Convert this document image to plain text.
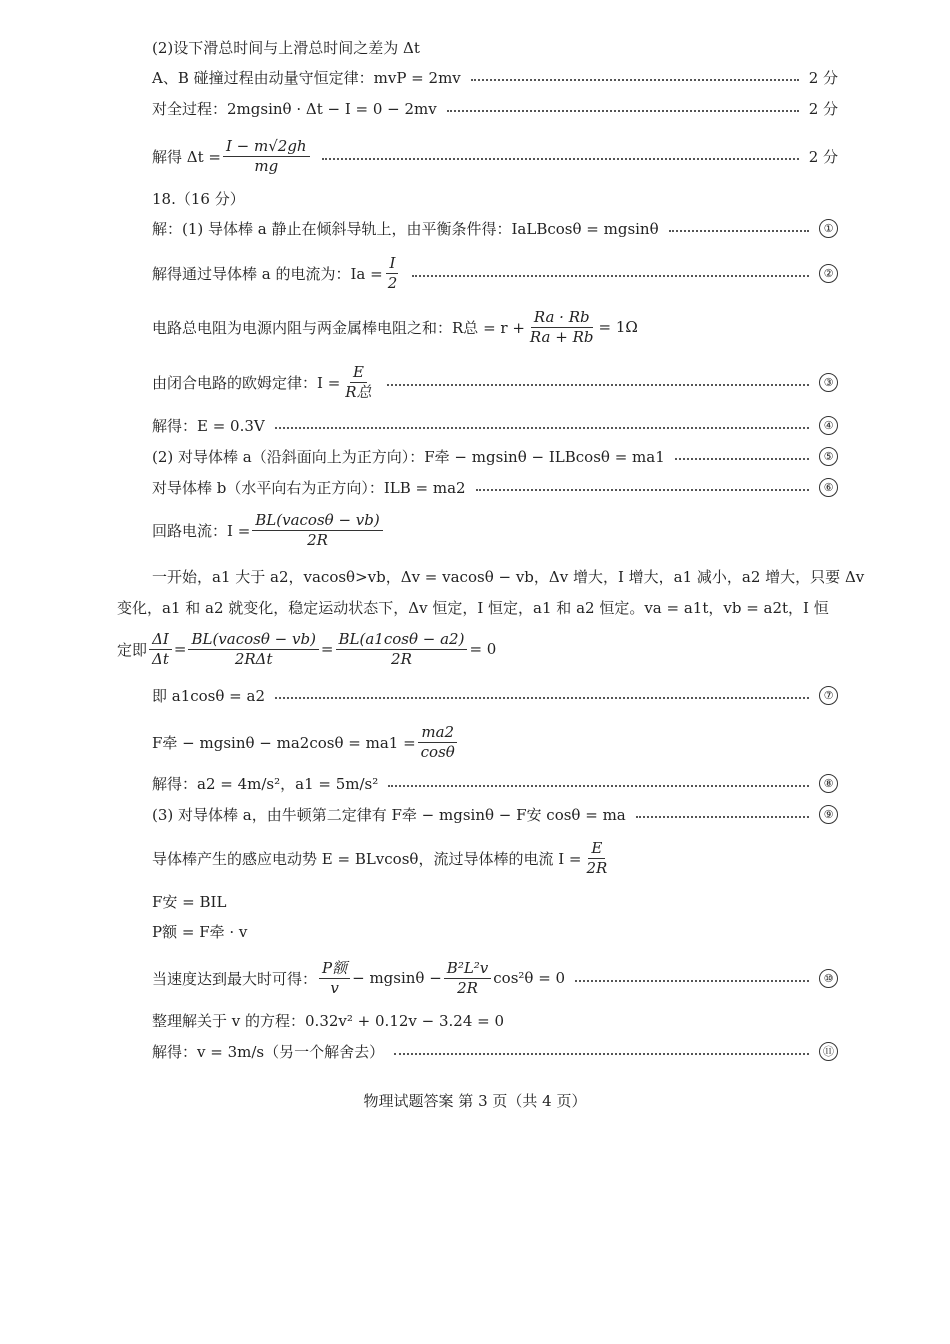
(2)设下滑总时间与上滑总时间之差为 Δt
A、B 碰撞过程由动量守恒定律：mvP = 2mv	2 分
对全过程：2mgsinθ · Δt − I = 0 − 2mv	2 分
解得 $\Delta t = \frac{I - m√2gh}{mg}$	2 分
18.（16 分）
解：(1) 导体棒 a 静止在倾斜导轨上，由平衡条件得：IaLBcosθ = mgsinθ	①
解得通过导体棒 a 的电流为：$Ia = \frac{I}{2}$	②
电路总电阻为电源内阻与两金属棒电阻之和：R总 = $r + \frac{Ra \cdot Rb}{Ra + Rb} = 1\Omega$
由闭合电路的欧姆定律：$I = \frac{E}{\text{R总}}$	③
解得：E = 0.3V	④
(2) 对导体棒 a（沿斜面向上为正方向）：F牵 − mgsinθ − ILBcosθ = ma1	⑤
对导体棒 b（水平向右为正方向）：ILB = ma2	⑥
回路电流：$I = \frac{BL(vacos\theta - vb)}{2R}$
一开始，a1 大于 a2，vacosθ>vb，Δv = vacosθ − vb，Δv 增大，I 增大，a1 减小，a2 增大，只要 Δv
变化，a1 和 a2 就变化，稳定运动状态下，Δv 恒定，I 恒定，a1 和 a2 恒定。va = a1t，vb = a2t，I 恒
定即 $\frac{\Delta I}{\Delta t} = \frac{BL(vacos\theta - vb)}{\text{2RΔt}} = \frac{BL(a1\cos\theta - a2)}{2R} = 0$
即 a1cosθ = a2	⑦
F牵 − $mgsin\theta - ma2\cos\theta = ma1 = \frac{ma2}{\cos\theta}$
解得：a2 = 4m/s²，a1 = 5m/s²	⑧
(3) 对导体棒 a，由牛顿第二定律有 F牵 − mgsinθ − F安 cosθ = ma	⑨
导体棒产生的感应电动势 E = BLvcosθ，流过导体棒的电流 $I = \frac{E}{2R}$
F安 = BIL
P额 = F牵 · v
当速度达到最大时可得： $\frac{\text{P额}}{v} - mgsin\theta - \frac{\text{B²L²v}}{2R} \cos^2\theta = 0$	⑩
整理解关于 v 的方程：0.32v² + 0.12v − 3.24 = 0
解得：v = 3m/s（另一个解舍去）	⑪
物理试题答案 第 3 页（共 4 页）
